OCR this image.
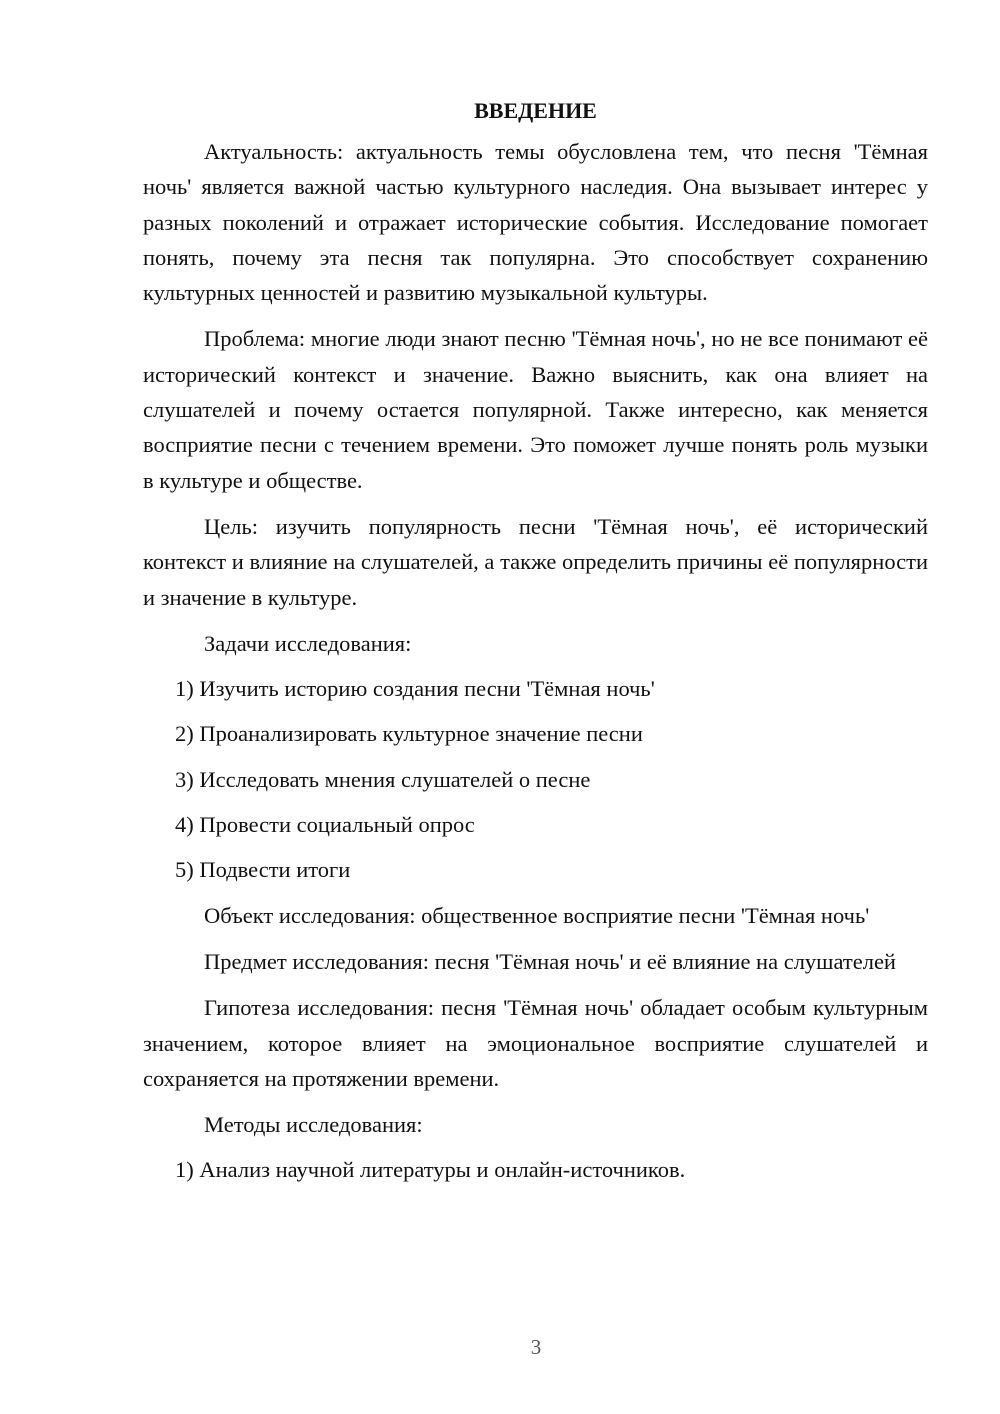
ВВЕДЕНИЕ

Актуальность: актуальность темы обусловлена тем, что песня 'Тёмная ночь' является важной частью культурного наследия. Она вызывает интерес у разных поколений и отражает исторические события. Исследование помогает понять, почему эта песня так популярна. Это способствует сохранению культурных ценностей и развитию музыкальной культуры.

Проблема: многие люди знают песню 'Тёмная ночь', но не все понимают её исторический контекст и значение. Важно выяснить, как она влияет на слушателей и почему остается популярной. Также интересно, как меняется восприятие песни с течением времени. Это поможет лучше понять роль музыки в культуре и обществе.

Цель: изучить популярность песни 'Тёмная ночь', её исторический контекст и влияние на слушателей, а также определить причины её популярности и значение в культуре.

Задачи исследования:

1) Изучить историю создания песни 'Тёмная ночь'
2) Проанализировать культурное значение песни
3) Исследовать мнения слушателей о песне
4) Провести социальный опрос
5) Подвести итоги

Объект исследования: общественное восприятие песни 'Тёмная ночь'

Предмет исследования: песня 'Тёмная ночь' и её влияние на слушателей

Гипотеза исследования: песня 'Тёмная ночь' обладает особым культурным значением, которое влияет на эмоциональное восприятие слушателей и сохраняется на протяжении времени.

Методы исследования:

1) Анализ научной литературы и онлайн-источников.
3
